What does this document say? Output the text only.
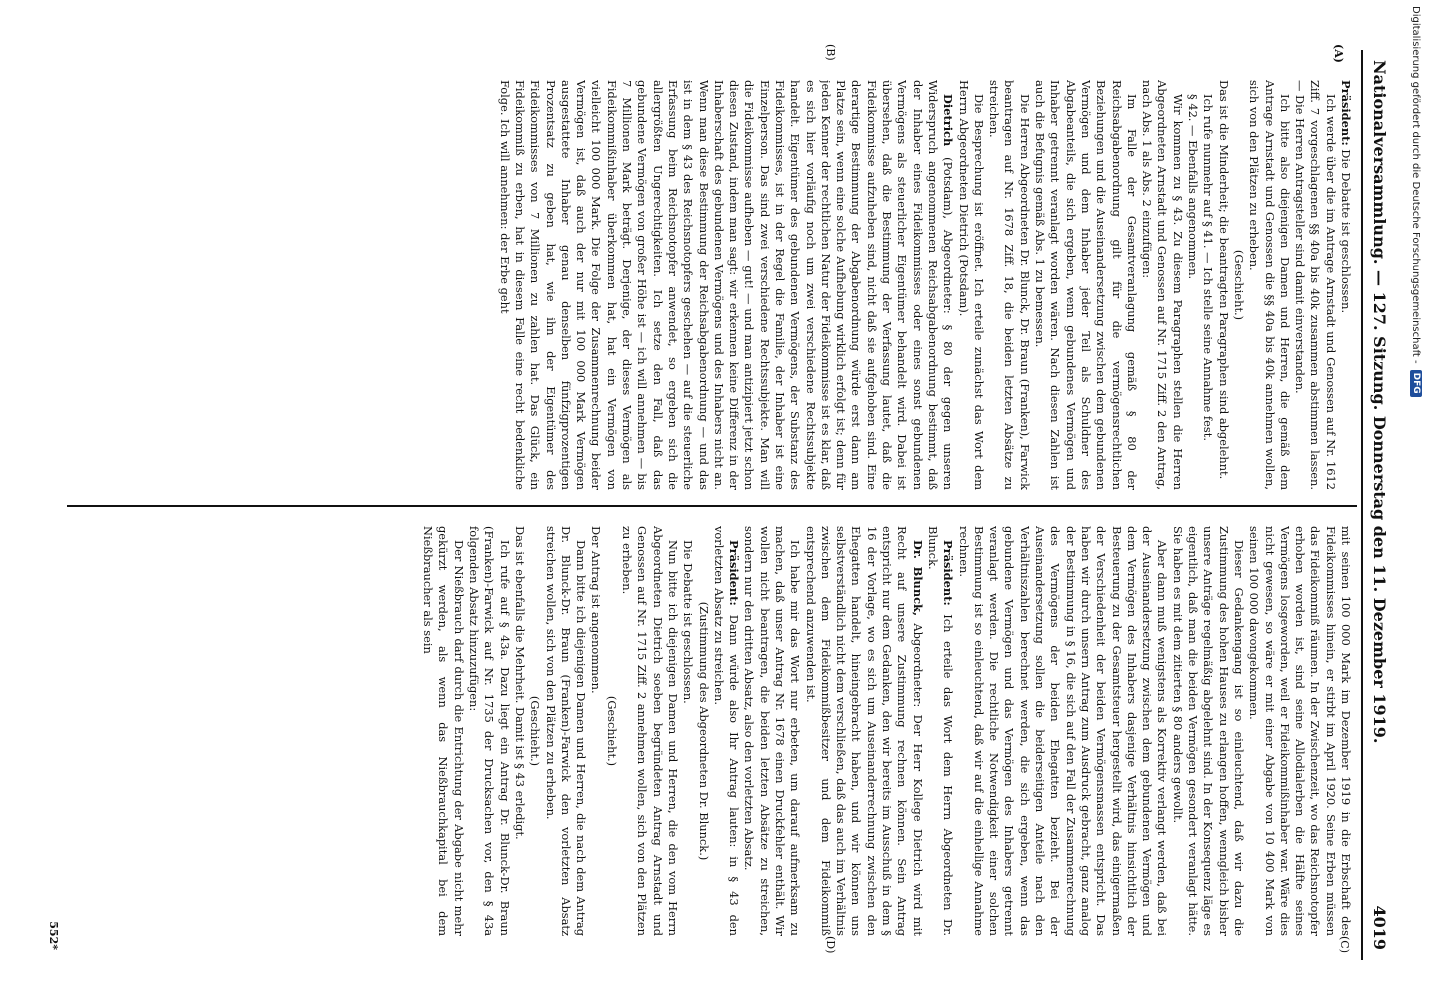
Nationalversammlung. — 127. Sitzung. Donnerstag den 11. Dezember 1919.
4019
(A)
(B)
(C)
(D)

Präsident: Die Debatte ist geschlossen.

Ich werde über die im Antrage Arnstadt und Genossen auf Nr. 1612 Ziff. 7 vorgeschlagenen §§ 40a bis 40k zusammen abstimmen lassen. — Die Herren Antragsteller sind damit einverstanden.

Ich bitte also diejenigen Damen und Herren, die gemäß dem Antrage Arnstadt und Genossen die §§ 40a bis 40k annehmen wollen, sich von den Plätzen zu erheben.

(Geschieht.)

Das ist die Minderheit; die beantragten Paragraphen sind abgelehnt.

Ich rufe nunmehr auf § 41. — Ich stelle seine Annahme fest.

§ 42. — Ebenfalls angenommen.

Wir kommen zu § 43. Zu diesem Paragraphen stellen die Herren Abgeordneten Arnstadt und Genossen auf Nr. 1715 Ziff. 2 den Antrag, nach Abs. 1 als Abs. 2 einzufügen:

Im Falle der Gesamtveranlagung gemäß § 80 der Reichsabgabenordnung gilt für die vermögensrechtlichen Beziehungen und die Auseinandersetzung zwischen dem gebundenen Vermögen und dem Inhaber jeder Teil als Schuldner des Abgabeanteils, die sich ergeben, wenn gebundenes Vermögen und Inhaber getrennt veranlagt worden wären. Nach diesen Zahlen ist auch die Befugnis gemäß Abs. 1 zu bemessen.

Die Herren Abgeordneten Dr. Blunck, Dr. Braun (Franken), Farwick beantragen auf Nr. 1678 Ziff. 18, die beiden letzten Absätze zu streichen.

Die Besprechung ist eröffnet. Ich erteile zunächst das Wort dem Herrn Abgeordneten Dietrich (Potsdam).

Dietrich (Potsdam), Abgeordneter: § 80 der gegen unseren Widerspruch angenommenen Reichsabgabenordnung bestimmt, daß der Inhaber eines Fideikommisses oder eines sonst gebundenen Vermögens als steuerlicher Eigentümer behandelt wird. Dabei ist übersehen, daß die Bestimmung der Verfassung lautet, daß die Fideikommisse aufzuheben sind, nicht daß sie aufgehoben sind. Eine derartige Bestimmung der Abgabenordnung würde erst dann am Platze sein, wenn eine solche Aufhebung wirklich erfolgt ist; denn für jeden Kenner der rechtlichen Natur der Fideikommisse ist es klar, daß es sich hier vorläufig noch um zwei verschiedene Rechtssubjekte handelt. Eigentümer des gebundenen Vermögens, der Substanz des Fideikommisses, ist in der Regel die Familie, der Inhaber ist eine Einzelperson. Das sind zwei verschiedene Rechtssubjekte. Man will die Fideikommisse aufheben — gut! — und man antizipiert jetzt schon diesen Zustand, indem man sagt: wir erkennen keine Differenz in der Inhaberschaft des gebundenen Vermögens und des Inhabers nicht an. Wenn man diese Bestimmung der Reichsabgabenordnung — und das ist in dem § 43 des Reichsnotopfers geschehen — auf die steuerliche Erfassung beim Reichsnotopfer anwendet, so ergeben sich die allergrößten Ungerechtigkeiten. Ich setze den Fall, daß das gebundene Vermögen von großer Höhe ist — ich will annehmen — bis 7 Millionen Mark beträgt. Derjenige, der dieses Vermögen als Fideikommißinhaber überkommen hat, hat ein Vermögen von vielleicht 100 000 Mark. Die Folge der Zusammenrechnung beider Vermögen ist, daß auch der nur mit 100 000 Mark Vermögen ausgestattete Inhaber genau denselben fünfzigprozentigen Prozentsatz zu geben hat, wie ihn der Eigentümer des Fideikommisses von 7 Millionen zu zahlen hat. Das Glück, ein Fideikommiß zu erben, hat in diesem Falle eine recht bedenkliche Folge. Ich will annehmen: der Erbe geht

mit seinen 100 000 Mark im Dezember 1919 in die Erbschaft des Fideikommisses hinein, er stirbt im April 1920. Seine Erben müssen das Fideikommiß räumen. In der Zwischenzeit, wo das Reichsnotopfer erhoben worden ist, sind seine Allodialerben die Hälfte seines Vermögens losgeworden, weil er Fideikommißinhaber war. Wäre dies nicht gewesen, so wäre er mit einer Abgabe von 10 400 Mark von seinen 100 000 davongekommen.

Dieser Gedankengang ist so einleuchtend, daß wir dazu die Zustimmung des hohen Hauses zu erlangen hoffen, wenngleich bisher unsere Anträge regelmäßig abgelehnt sind. In der Konsequenz läge es eigentlich, daß man die beiden Vermögen gesondert veranlagt hätte. Sie haben es mit dem zitierten § 80 anders gewollt.

Aber dann muß wenigstens als Korrektiv verlangt werden, daß bei der Auseinandersetzung zwischen dem gebundenen Vermögen und dem Vermögen des Inhabers dasjenige Verhältnis hinsichtlich der Besteuerung zu der Gesamtsteuer hergestellt wird, das einigermaßen der Verschiedenheit der beiden Vermögensmassen entspricht. Das haben wir durch unsern Antrag zum Ausdruck gebracht, ganz analog der Bestimmung in § 16, die sich auf den Fall der Zusammenrechnung des Vermögens der beiden Ehegatten bezieht. Bei der Auseinandersetzung sollen die beiderseitigen Anteile nach den Verhältniszahlen berechnet werden, die sich ergeben, wenn das gebundene Vermögen und das Vermögen des Inhabers getrennt veranlagt werden. Die rechtliche Notwendigkeit einer solchen Bestimmung ist so einleuchtend, daß wir auf die einhellige Annahme rechnen.

Präsident: Ich erteile das Wort dem Herrn Abgeordneten Dr. Blunck.

Dr. Blunck, Abgeordneter: Der Herr Kollege Dietrich wird mit Recht auf unsere Zustimmung rechnen können. Sein Antrag entspricht nur dem Gedanken, den wir bereits im Ausschuß in dem § 16 der Vorlage, wo es sich um Auseinanderrechnung zwischen den Ehegatten handelt, hineingebracht haben, und wir können uns selbstverständlich nicht dem verschließen, daß das auch im Verhältnis zwischen dem Fideikommißbesitzer und dem Fideikommiß entsprechend anzuwenden ist.

Ich habe mir das Wort nur erbeten, um darauf aufmerksam zu machen, daß unser Antrag Nr. 1678 einen Druckfehler enthält. Wir wollen nicht beantragen, die beiden letzten Absätze zu streichen, sondern nur den dritten Absatz, also den vorletzten Absatz.

Präsident: Dann würde also Ihr Antrag lauten: in § 43 den vorletzten Absatz zu streichen.

(Zustimmung des Abgeordneten Dr. Blunck.)

Die Debatte ist geschlossen.

Nun bitte ich diejenigen Damen und Herren, die den vom Herrn Abgeordneten Dietrich soeben begründeten Antrag Arnstadt und Genossen auf Nr. 1715 Ziff. 2 annehmen wollen, sich von den Plätzen zu erheben.

(Geschieht.)

Der Antrag ist angenommen.

Dann bitte ich diejenigen Damen und Herren, die nach dem Antrag Dr. Blunck-Dr. Braun (Franken)-Farwick den vorletzten Absatz streichen wollen, sich von den Plätzen zu erheben.

(Geschieht.)

Das ist ebenfalls die Mehrheit. Damit ist § 43 erledigt.

Ich rufe auf § 43a. Dazu liegt ein Antrag Dr. Blunck-Dr. Braun (Franken)-Farwick auf Nr. 1735 der Drucksachen vor, den § 43a folgenden Absatz hinzuzufügen:

Der Nießbrauch darf durch die Entrichtung der Abgabe nicht mehr gekürzt werden, als wenn das Nießbrauchkapital bei dem Nießbraucher als sein

552*
Digitalisierung gefördert durch die Deutsche Forschungsgemeinschaft -
DFG
